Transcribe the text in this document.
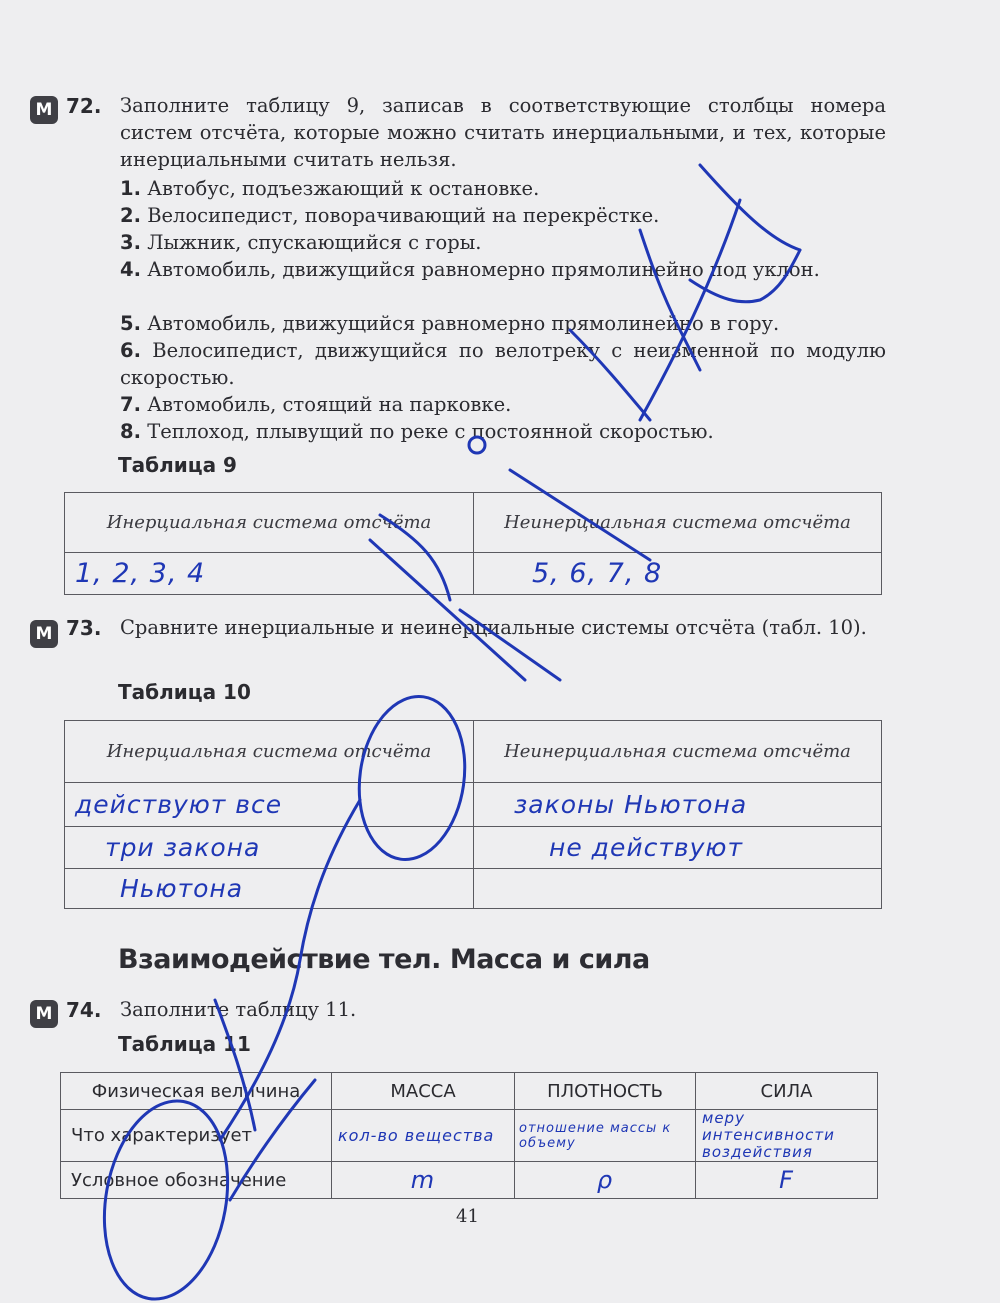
М 72. Заполните таблицу 9, записав в соответствующие столбцы номера систем отсчёта, которые можно считать инерциальными, и тех, которые инерциальными считать нельзя.
1. Автобус, подъезжающий к остановке.
2. Велосипедист, поворачивающий на перекрёстке.
3. Лыжник, спускающийся с горы.
4. Автомобиль, движущийся равномерно прямолинейно под уклон.
5. Автомобиль, движущийся равномерно прямолинейно в гору.
6. Велосипедист, движущийся по велотреку с неизменной по модулю скоростью.
7. Автомобиль, стоящий на парковке.
8. Теплоход, плывущий по реке с постоянной скоростью.
Таблица 9
Инерциальная система отсчёта	Неинерциальная система отсчёта
1, 2, 3, 4	5, 6, 7, 8
М 73. Сравните инерциальные и неинерциальные системы отсчёта (табл. 10).
Таблица 10
Инерциальная система отсчёта	Неинерциальная система отсчёта
действуют все	законы Ньютона
три закона	не действуют
Ньютона	
Взаимодействие тел. Масса и сила
М 74. Заполните таблицу 11.
Таблица 11
Физическая величина	МАССА	ПЛОТНОСТЬ	СИЛА
Что характеризует	кол-во вещества	отношение массы к объему	меру интенсивности воздействия
Условное обозначение	m	ρ	F
41
